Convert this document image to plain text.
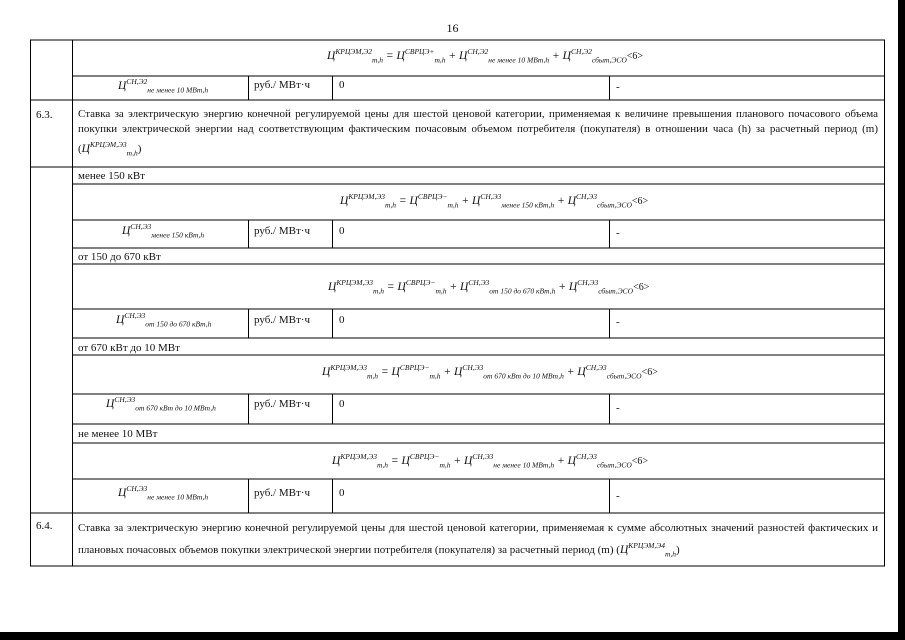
16
$Ц^{КРЦЭМ,Э2}_{m,h} = Ц^{СВРЦЭ+}_{m,h} + Ц^{СН,Э2}_{не менее 10 МВт,h} + Ц^{СН,Э2}_{сбыт,ЭСО}<6>$
$Ц^{СН,Э2}_{не менее 10 МВт,h}$	руб./ МВт·ч	0	-
6.3. Ставка за электрическую энергию конечной регулируемой цены для шестой ценовой категории, применяемая к величине превышения планового почасового объема покупки электрической энергии над соответствующим фактическим почасовым объемом потребителя (покупателя) в отношении часа (h) за расчетный период (m) $(Ц^{КРЦЭМ,Э3}_{m,h})$
менее 150 кВт
$Ц^{КРЦЭМ,Э3}_{m,h} = Ц^{СВРЦЭ-}_{m,h} + Ц^{СН,Э3}_{менее 150 кВт,h} + Ц^{СН,Э3}_{сбыт,ЭСО}<6>$
$Ц^{СН,Э3}_{менее 150 кВт,h}$	руб./ МВт·ч	0	-
от 150 до 670 кВт
$Ц^{КРЦЭМ,Э3}_{m,h} = Ц^{СВРЦЭ-}_{m,h} + Ц^{СН,Э3}_{от 150 до 670 кВт,h} + Ц^{СН,Э3}_{сбыт,ЭСО}<6>$
$Ц^{СН,Э3}_{от 150 до 670 кВт,h}$	руб./ МВт·ч	0	-
от 670 кВт до 10 МВт
$Ц^{КРЦЭМ,Э3}_{m,h} = Ц^{СВРЦЭ-}_{m,h} + Ц^{СН,Э3}_{от 670 кВт до 10 МВт,h} + Ц^{СН,Э3}_{сбыт,ЭСО}<6>$
$Ц^{СН,Э3}_{от 670 кВт до 10 МВт,h}$	руб./ МВт·ч	0	-
не менее 10 МВт
$Ц^{КРЦЭМ,Э3}_{m,h} = Ц^{СВРЦЭ-}_{m,h} + Ц^{СН,Э3}_{не менее 10 МВт,h} + Ц^{СН,Э3}_{сбыт,ЭСО}<6>$
$Ц^{СН,Э3}_{не менее 10 МВт,h}$	руб./ МВт·ч	0	-
6.4. Ставка за электрическую энергию конечной регулируемой цены для шестой ценовой категории, применяемая к сумме абсолютных значений разностей фактических и плановых почасовых объемов покупки электрической энергии потребителя (покупателя) за расчетный период (m) $(Ц^{КРЦЭМ,Э4}_{m,h})$
